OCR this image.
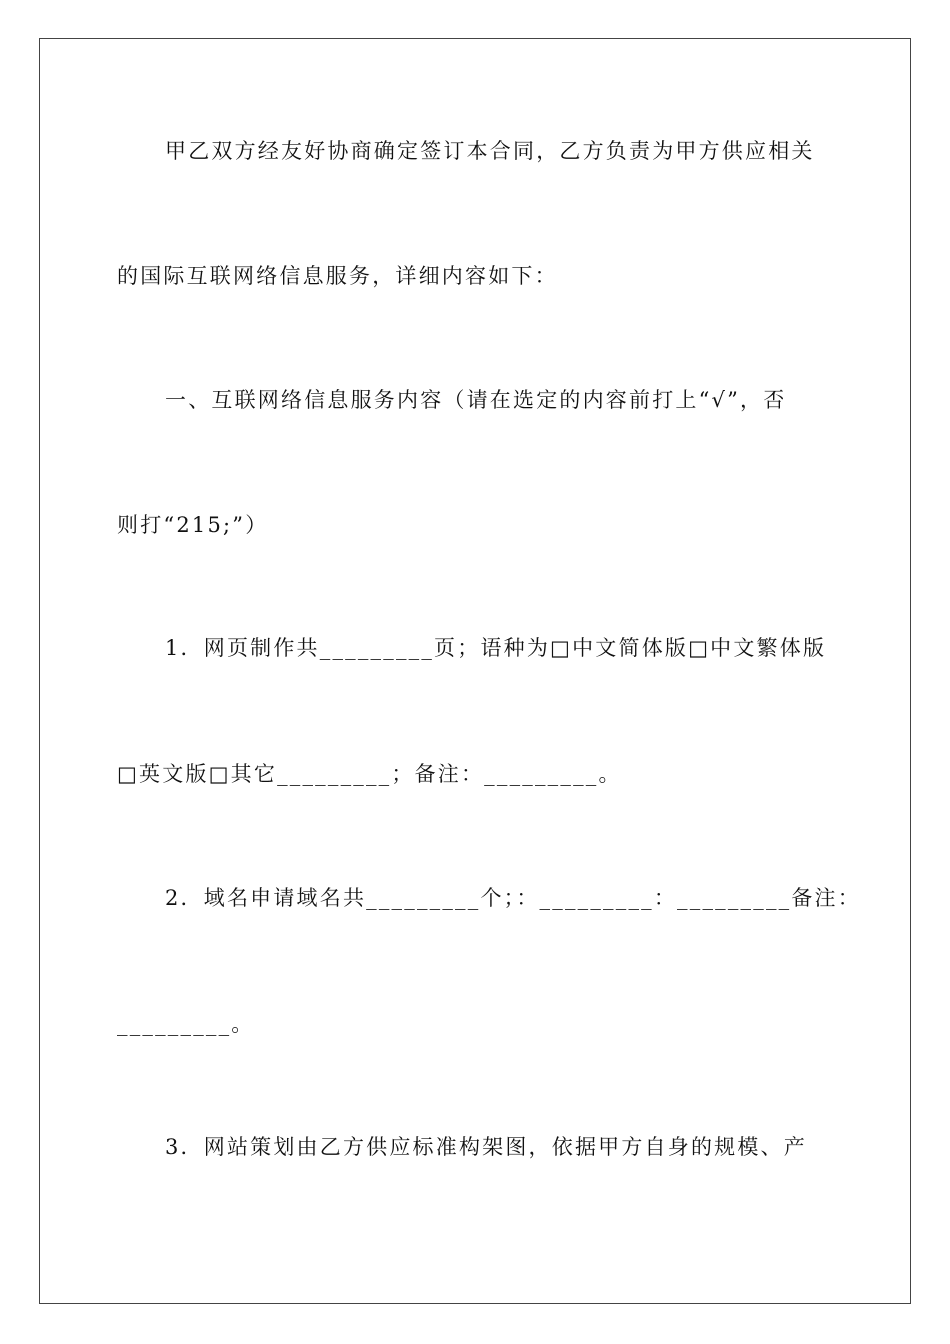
甲乙双方经友好协商确定签订本合同，乙方负责为甲方供应相关
的国际互联网络信息服务，详细内容如下：
一、互联网络信息服务内容（请在选定的内容前打上“√”，否
则打“215;”）
1．网页制作共_________页；语种为□中文简体版□中文繁体版
□英文版□其它_________；备注：_________。
2．域名申请域名共_________个；：_________：_________备注：
_________。
3．网站策划由乙方供应标准构架图，依据甲方自身的规模、产
